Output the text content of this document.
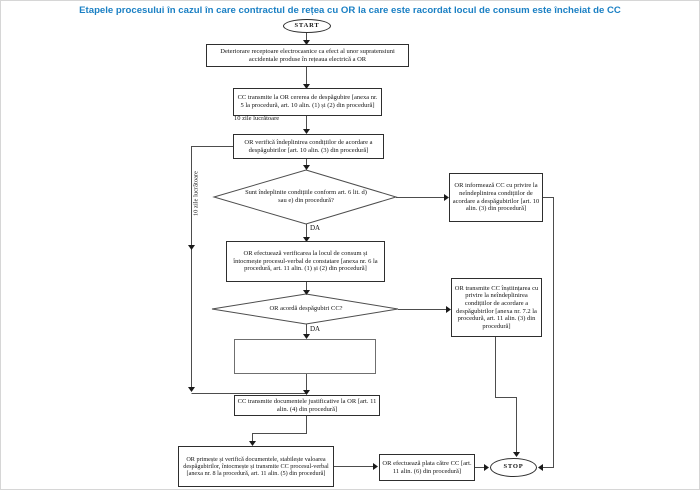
Etapele procesului în cazul în care contractul de rețea cu OR la care este racordat locul de consum este încheiat de CC
START
Deteriorare receptoare electrocasnice ca efect al unor supratensiuni accidentale produse în rețeaua electrică a OR
CC transmite la OR cererea de despăgubire [anexa nr. 5 la procedură, art. 10 alin. (1) și (2) din procedură]
10 zile lucrătoare
OR verifică îndeplinirea condițiilor de acordare a despăgubirilor [art. 10 alin. (3) din procedură]
10 zile lucrătoare	Sunt îndeplinite condițiile conform art. 6 lit. d) sau e) din procedură?
DA
OR informează CC cu privire la neîndeplinirea condițiilor de acordare a despăgubirilor [art. 10 alin. (3) din procedură]
OR efectuează verificarea la locul de consum și întocmește procesul-verbal de constatare [anexa nr. 6 la procedură, art. 11 alin. (1) și (2) din procedură]
OR acordă despăgubiri CC?
DA
OR transmite CC înștiințarea cu privire la neîndeplinirea condițiilor de acordare a despăgubirilor [anexa nr. 7.2 la procedură, art. 11 alin. (3) din procedură]
CC transmite documentele justificative la OR [art. 11 alin. (4) din procedură]
OR primește și verifică documentele, stabilește valoarea despăgubirilor, întocmește și transmite CC procesul-verbal [anexa nr. 8 la procedură, art. 11 alin. (5) din procedură]
OR efectuează plata către CC [art. 11 alin. (6) din procedură]
STOP
